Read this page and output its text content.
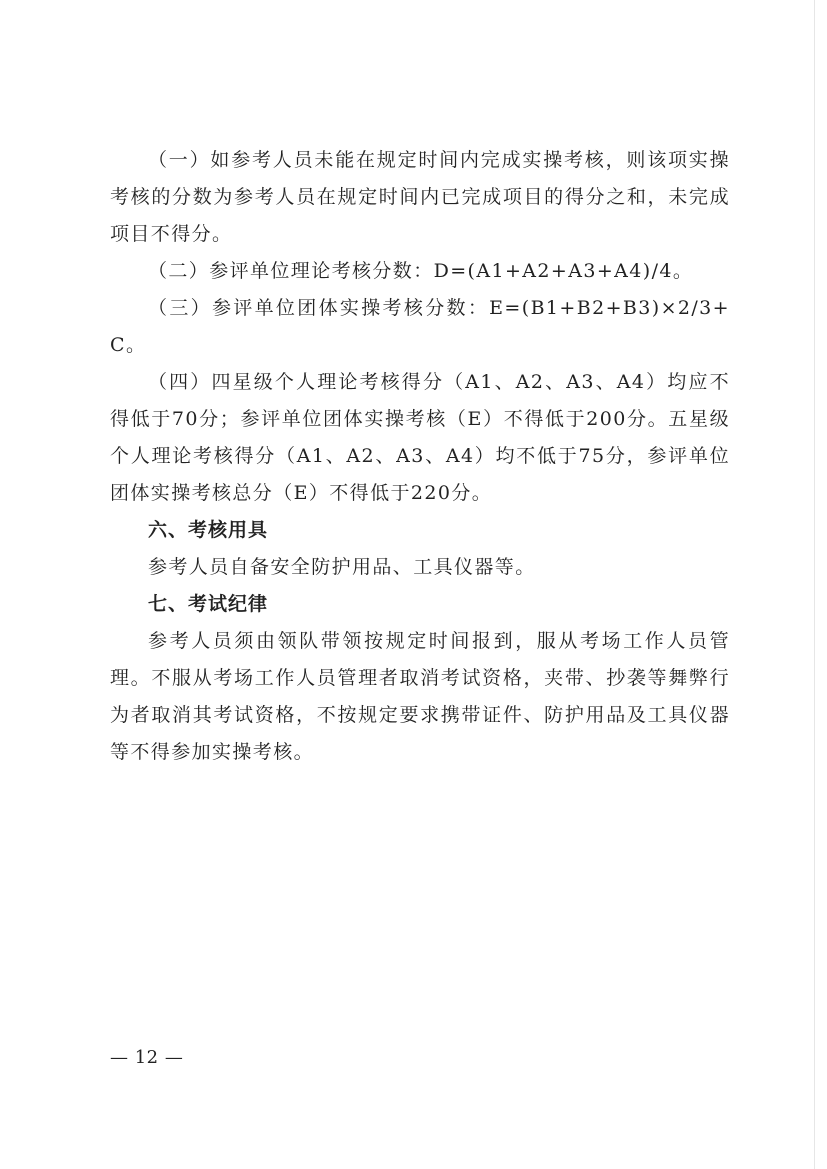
（一）如参考人员未能在规定时间内完成实操考核，则该项实操考核的分数为参考人员在规定时间内已完成项目的得分之和，未完成项目不得分。

（二）参评单位理论考核分数：D=(A1+A2+A3+A4)/4。

（三）参评单位团体实操考核分数：E=(B1+B2+B3)×2/3+C。

（四）四星级个人理论考核得分（A1、A2、A3、A4）均应不得低于70分；参评单位团体实操考核（E）不得低于200分。五星级个人理论考核得分（A1、A2、A3、A4）均不低于75分，参评单位团体实操考核总分（E）不得低于220分。

六、考核用具

参考人员自备安全防护用品、工具仪器等。

七、考试纪律

参考人员须由领队带领按规定时间报到，服从考场工作人员管理。不服从考场工作人员管理者取消考试资格，夹带、抄袭等舞弊行为者取消其考试资格，不按规定要求携带证件、防护用品及工具仪器等不得参加实操考核。

— 12 —
